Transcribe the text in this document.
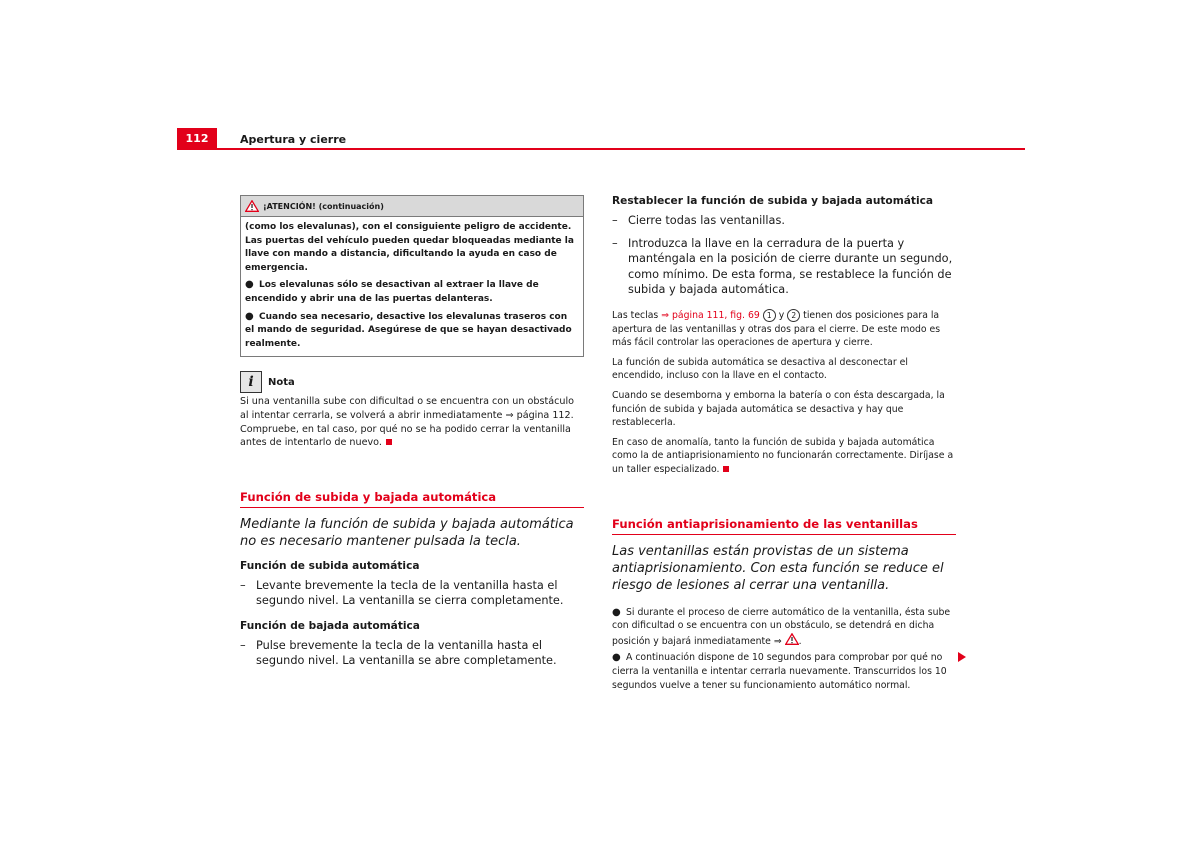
112	Apertura y cierre
¡ATENCIÓN! (continuación)

(como los elevalunas), con el consiguiente peligro de accidente. Las puertas del vehículo pueden quedar bloqueadas mediante la llave con mando a distancia, dificultando la ayuda en caso de emergencia.

● Los elevalunas sólo se desactivan al extraer la llave de encendido y abrir una de las puertas delanteras.

● Cuando sea necesario, desactive los elevalunas traseros con el mando de seguridad. Asegúrese de que se hayan desactivado realmente.

i	Nota

Si una ventanilla sube con dificultad o se encuentra con un obstáculo al intentar cerrarla, se volverá a abrir inmediatamente ⇒ página 112. Compruebe, en tal caso, por qué no se ha podido cerrar la ventanilla antes de intentarlo de nuevo.

Función de subida y bajada automática

Mediante la función de subida y bajada automática no es necesario mantener pulsada la tecla.

Función de subida automática

– Levante brevemente la tecla de la ventanilla hasta el segundo nivel. La ventanilla se cierra completamente.

Función de bajada automática

– Pulse brevemente la tecla de la ventanilla hasta el segundo nivel. La ventanilla se abre completamente.

Restablecer la función de subida y bajada automática

– Cierre todas las ventanillas.
– Introduzca la llave en la cerradura de la puerta y manténgala en la posición de cierre durante un segundo, como mínimo. De esta forma, se restablece la función de subida y bajada automática.

Las teclas ⇒ página 111, fig. 69 1 y 2 tienen dos posiciones para la apertura de las ventanillas y otras dos para el cierre. De este modo es más fácil controlar las operaciones de apertura y cierre.

La función de subida automática se desactiva al desconectar el encendido, incluso con la llave en el contacto.

Cuando se desemborna y emborna la batería o con ésta descargada, la función de subida y bajada automática se desactiva y hay que restablecerla.

En caso de anomalía, tanto la función de subida y bajada automática como la de antiaprisionamiento no funcionarán correctamente. Diríjase a un taller especializado.

Función antiaprisionamiento de las ventanillas

Las ventanillas están provistas de un sistema antiaprisionamiento. Con esta función se reduce el riesgo de lesiones al cerrar una ventanilla.

● Si durante el proceso de cierre automático de la ventanilla, ésta sube con dificultad o se encuentra con un obstáculo, se detendrá en dicha posición y bajará inmediatamente ⇒ .

● A continuación dispone de 10 segundos para comprobar por qué no cierra la ventanilla e intentar cerrarla nuevamente. Transcurridos los 10 segundos vuelve a tener su funcionamiento automático normal.
